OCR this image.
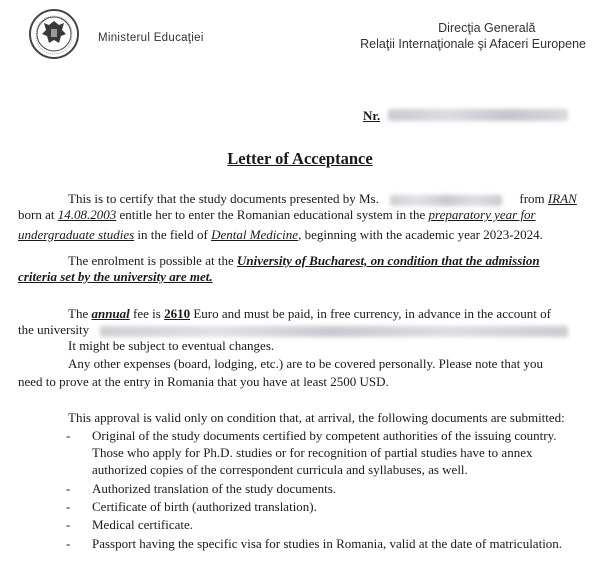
Ministerul Educaţiei
Direcţia Generală
Relaţii Internaţionale şi Afaceri Europene
Nr.
Letter of Acceptance
This is to certify that the study documents presented by Ms.	from IRAN
born at 14.08.2003 entitle her to enter the Romanian educational system in the preparatory year for
undergraduate studies in the field of Dental Medicine, beginning with the academic year 2023-2024.
The enrolment is possible at the University of Bucharest, on condition that the admission
criteria set by the university are met.
The annual fee is 2610 Euro and must be paid, in free currency, in advance in the account of
the university
It might be subject to eventual changes.
Any other expenses (board, lodging, etc.) are to be covered personally. Please note that you
need to prove at the entry in Romania that you have at least 2500 USD.
This approval is valid only on condition that, at arrival, the following documents are submitted:
- Original of the study documents certified by competent authorities of the issuing country.
Those who apply for Ph.D. studies or for recognition of partial studies have to annex
authorized copies of the correspondent curricula and syllabuses, as well.
- Authorized translation of the study documents.
- Certificate of birth (authorized translation).
- Medical certificate.
- Passport having the specific visa for studies in Romania, valid at the date of matriculation.
